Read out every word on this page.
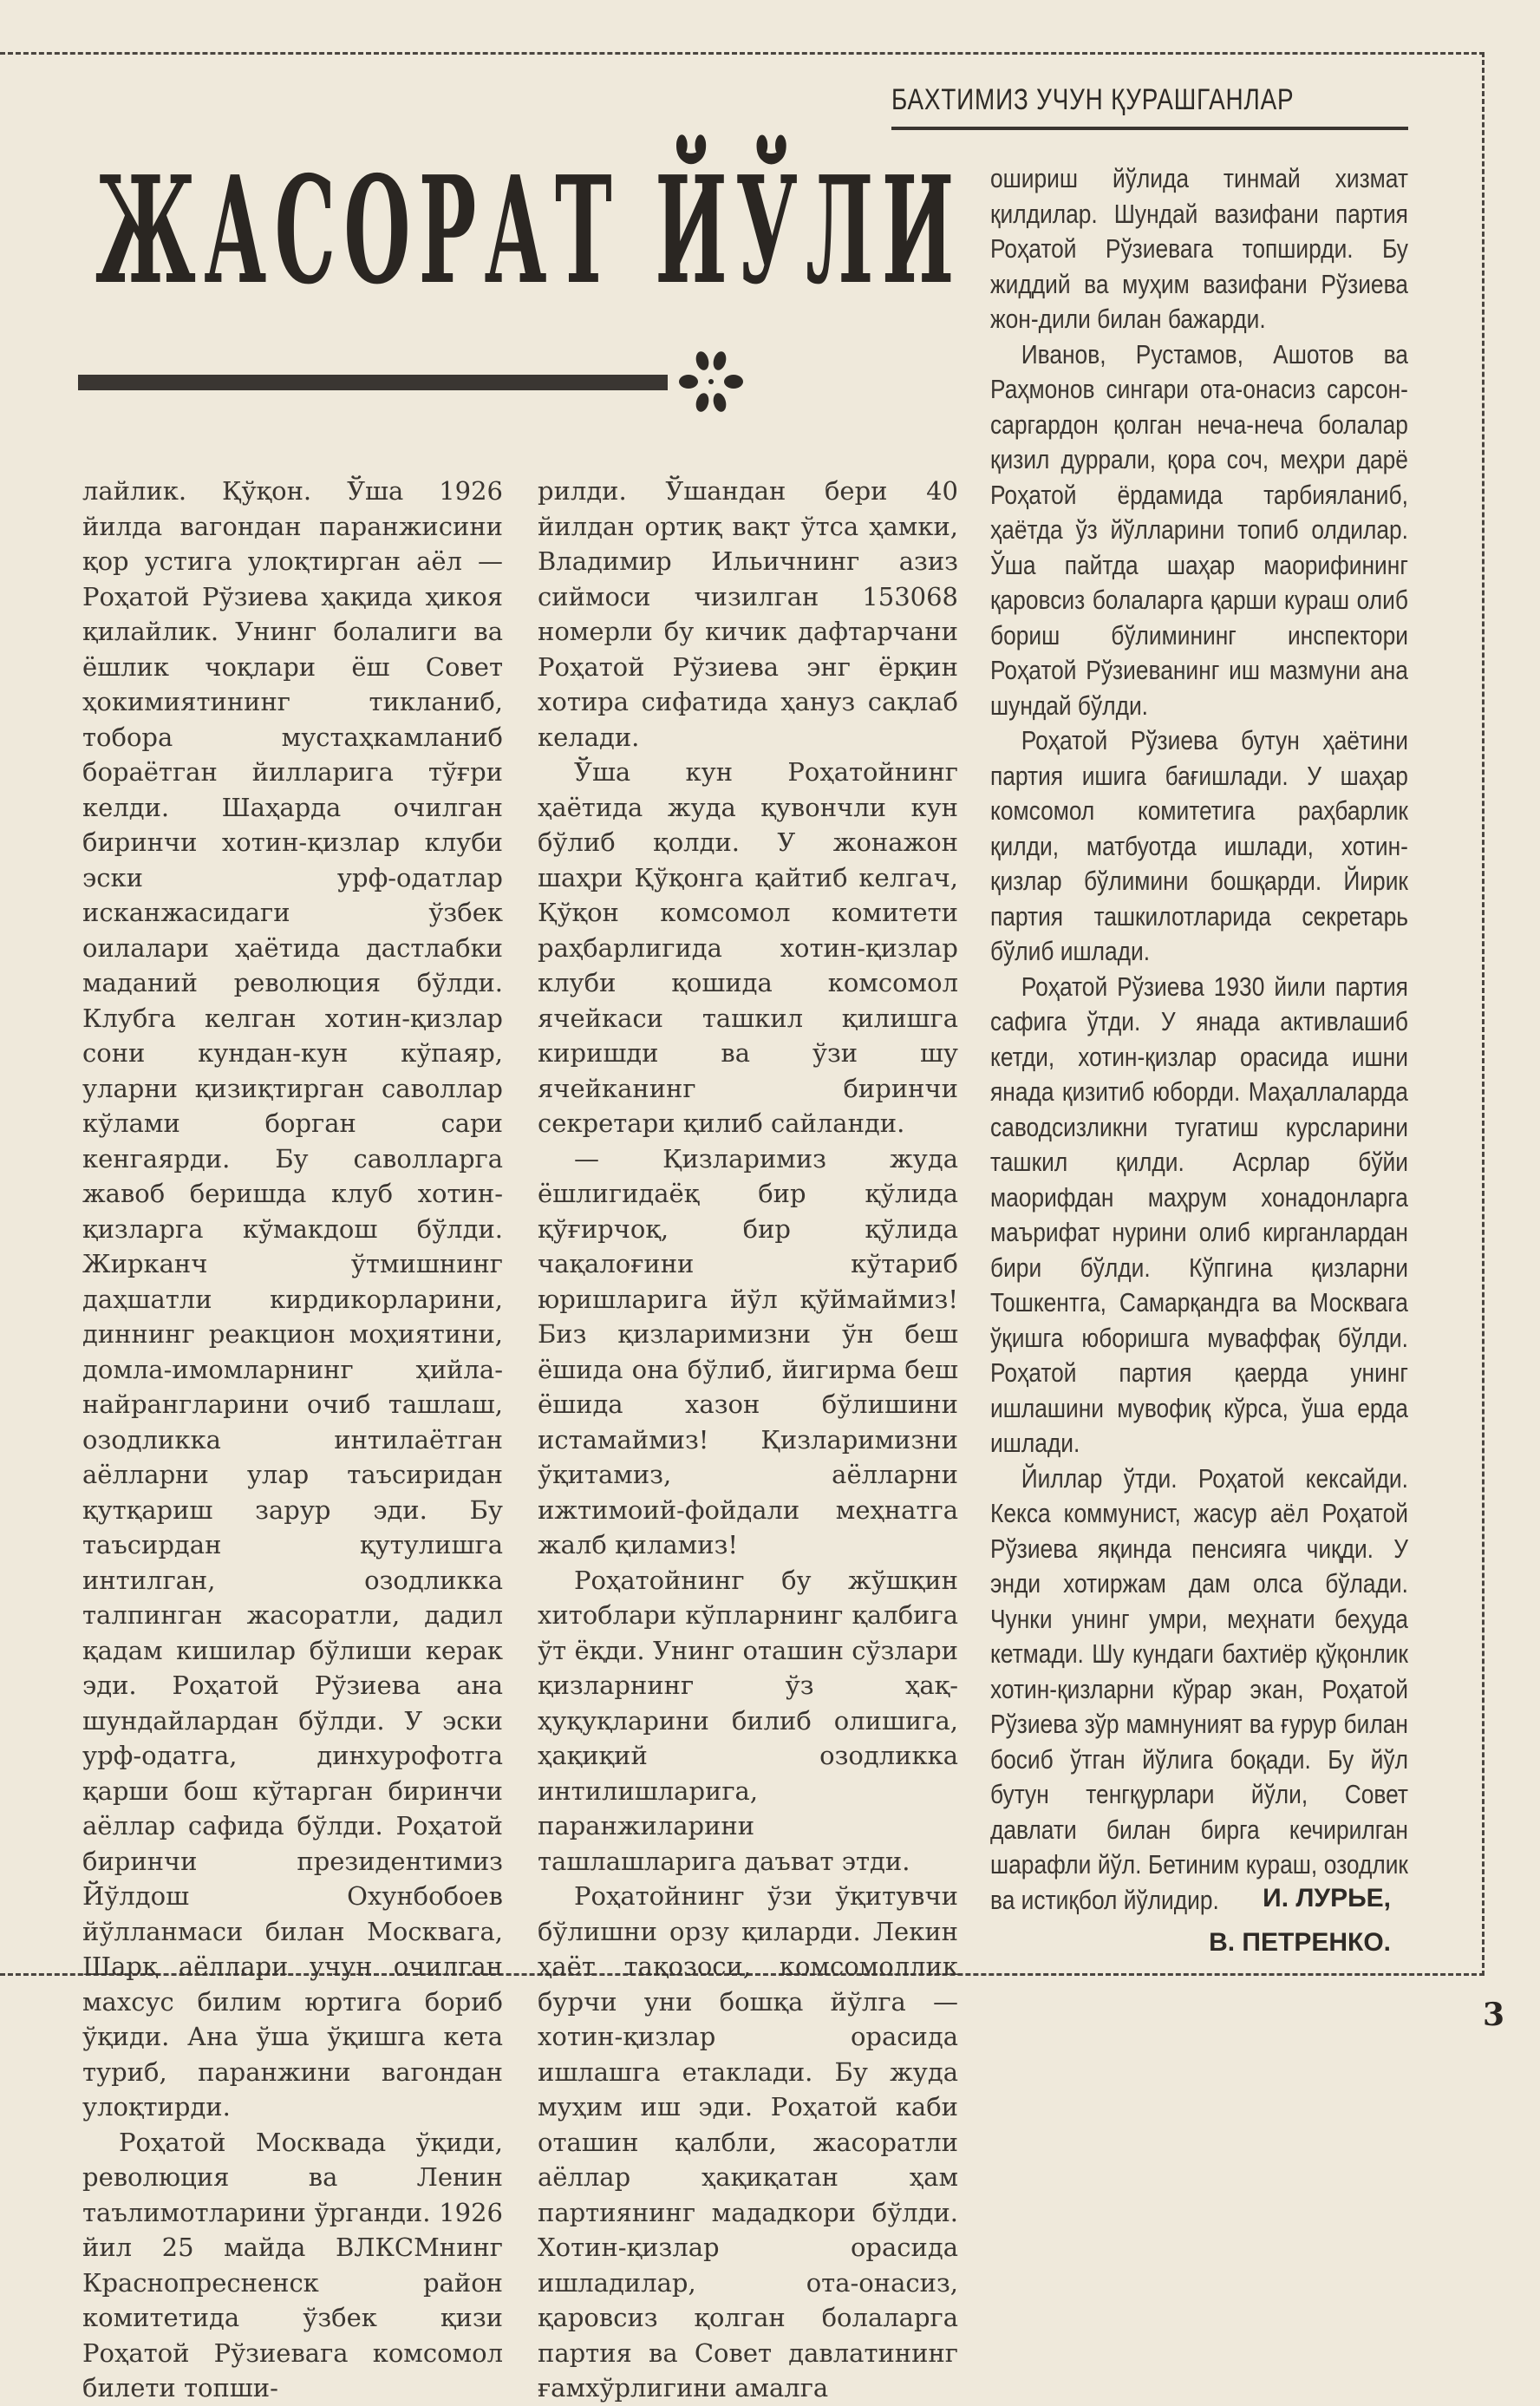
БАХТИМИЗ УЧУН ҚУРАШГАНЛАР
ЖАСОРАТ ЙЎЛИ

лайлик. Қўқон. Ўша 1926 йилда вагондан паранжисини қор устига улоқтирган аёл — Роҳатой Рўзиева ҳақида ҳикоя қилайлик. Унинг болалиги ва ёшлик чоқлари ёш Совет ҳокимиятининг тикланиб, тобора мустаҳкамланиб бораётган йилларига тўғри келди. Шаҳарда очилган биринчи хотин-қизлар клуби эски урф-одатлар исканжасидаги ўзбек оилалари ҳаётида дастлабки маданий революция бўлди. Клубга келган хотин-қизлар сони кундан-кун кўпаяр, уларни қизиқтирган саволлар кўлами борган сари кенгаярди. Бу саволларга жавоб беришда клуб хотин-қизларга кўмакдош бўлди. Жирканч ўтмишнинг даҳшатли кирдикорларини, диннинг реакцион моҳиятини, домла-имомларнинг ҳийла-найрангларини очиб ташлаш, озодликка интилаётган аёлларни улар таъсиридан қутқариш зарур эди. Бу таъсирдан қутулишга интилган, озодликка талпинган жасоратли, дадил қадам кишилар бўлиши керак эди. Роҳатой Рўзиева ана шундайлардан бўлди. У эски урф-одатга, динхурофотга қарши бош кўтарган биринчи аёллар сафида бўлди. Роҳатой биринчи президентимиз Йўлдош Охунбобоев йўлланмаси билан Москвага, Шарқ аёллари учун очилган махсус билим юртига бориб ўқиди. Ана ўша ўқишга кета туриб, паранжини вагондан улоқтирди.

Роҳатой Москвада ўқиди, революция ва Ленин таълимотларини ўрганди. 1926 йил 25 майда ВЛКСМнинг Краснопресненск район комитетида ўзбек қизи Роҳатой Рўзиевага комсомол билети топши-

рилди. Ўшандан бери 40 йилдан ортиқ вақт ўтса ҳамки, Владимир Ильичнинг азиз сиймоси чизилган 153068 номерли бу кичик дафтарчани Роҳатой Рўзиева энг ёрқин хотира сифатида ҳануз сақлаб келади.

Ўша кун Роҳатойнинг ҳаётида жуда қувончли кун бўлиб қолди. У жонажон шаҳри Қўқонга қайтиб келгач, Қўқон комсомол комитети раҳбарлигида хотин-қизлар клуби қошида комсомол ячейкаси ташкил қилишга киришди ва ўзи шу ячейканинг биринчи секретари қилиб сайланди.

— Қизларимиз жуда ёшлигидаёқ бир қўлида қўғирчоқ, бир қўлида чақалоғини кўтариб юришларига йўл қўймаймиз! Биз қизларимизни ўн беш ёшида она бўлиб, йигирма беш ёшида хазон бўлишини истамаймиз! Қизларимизни ўқитамиз, аёлларни ижтимоий-фойдали меҳнатга жалб қиламиз!

Роҳатойнинг бу жўшқин хитоблари кўпларнинг қалбига ўт ёқди. Унинг оташин сўзлари қизларнинг ўз ҳақ-ҳуқуқларини билиб олишига, ҳақиқий озодликка интилишларига, паранжиларини ташлашларига даъват этди.

Роҳатойнинг ўзи ўқитувчи бўлишни орзу қиларди. Лекин ҳаёт тақозоси, комсомоллик бурчи уни бошқа йўлга — хотин-қизлар орасида ишлашга етаклади. Бу жуда муҳим иш эди. Роҳатой каби оташин қалбли, жасоратли аёллар ҳақиқатан ҳам партиянинг мададкори бўлди. Хотин-қизлар орасида ишладилар, ота-онасиз, қаровсиз қолган болаларга партия ва Совет давлатининг ғамхўрлигини амалга

ошириш йўлида тинмай хизмат қилдилар. Шундай вазифани партия Роҳатой Рўзиевага топширди. Бу жиддий ва муҳим вазифани Рўзиева жон-дили билан бажарди.

Иванов, Рустамов, Ашотов ва Раҳмонов сингари ота-онасиз сарсон-саргардон қолган неча-неча болалар қизил дуррали, қора соч, меҳри дарё Роҳатой ёрдамида тарбияланиб, ҳаётда ўз йўлларини топиб олдилар. Ўша пайтда шаҳар маорифининг қаровсиз болаларга қарши кураш олиб бориш бўлимининг инспектори Роҳатой Рўзиеванинг иш мазмуни ана шундай бўлди.

Роҳатой Рўзиева бутун ҳаётини партия ишига бағишлади. У шаҳар комсомол комитетига раҳбарлик қилди, матбуотда ишлади, хотин-қизлар бўлимини бошқарди. Йирик партия ташкилотларида секретарь бўлиб ишлади.

Роҳатой Рўзиева 1930 йили партия сафига ўтди. У янада активлашиб кетди, хотин-қизлар орасида ишни янада қизитиб юборди. Маҳаллаларда саводсизликни тугатиш курсларини ташкил қилди. Асрлар бўйи маорифдан маҳрум хонадонларга маърифат нурини олиб кирганлардан бири бўлди. Кўпгина қизларни Тошкентга, Самарқандга ва Москвага ўқишга юборишга муваффақ бўлди. Роҳатой партия қаерда унинг ишлашини мувофиқ кўрса, ўша ерда ишлади.

Йиллар ўтди. Роҳатой кексайди. Кекса коммунист, жасур аёл Роҳатой Рўзиева яқинда пенсияга чиқди. У энди хотиржам дам олса бўлади. Чунки унинг умри, меҳнати беҳуда кетмади. Шу кундаги бахтиёр қўқонлик хотин-қизларни кўрар экан, Роҳатой Рўзиева зўр мамнуният ва ғурур билан босиб ўтган йўлига боқади. Бу йўл бутун тенгқурлари йўли, Совет давлати билан бирга кечирилган шарафли йўл. Бетиним кураш, озодлик ва истиқбол йўлидир.	И. ЛУРЬЕ,
В. ПЕТРЕНКО.
3
